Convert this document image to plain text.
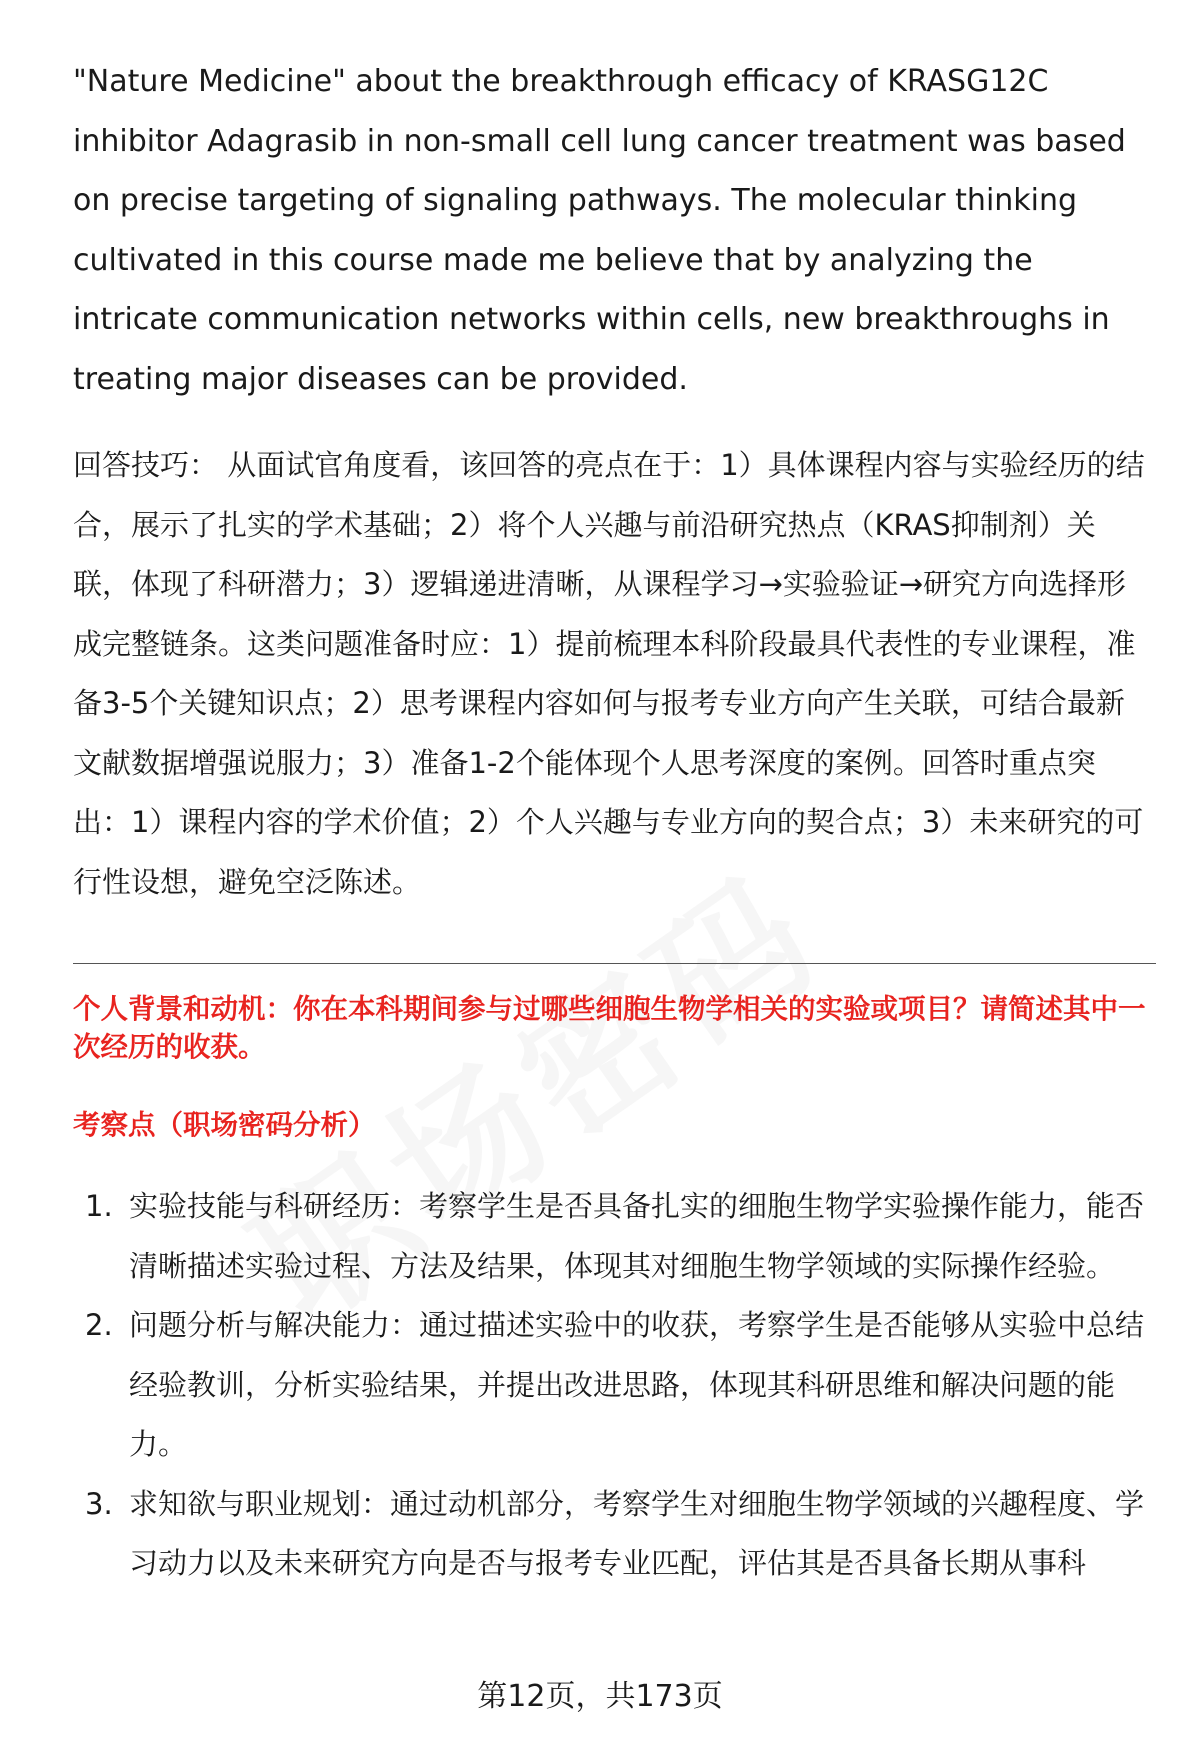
"Nature Medicine" about the breakthrough efficacy of KRASG12C inhibitor Adagrasib in non-small cell lung cancer treatment was based on precise targeting of signaling pathways. The molecular thinking cultivated in this course made me believe that by analyzing the intricate communication networks within cells, new breakthroughs in treating major diseases can be provided.

回答技巧： 从面试官角度看，该回答的亮点在于：1）具体课程内容与实验经历的结合，展示了扎实的学术基础；2）将个人兴趣与前沿研究热点（KRAS抑制剂）关联，体现了科研潜力；3）逻辑递进清晰，从课程学习→实验验证→研究方向选择形成完整链条。这类问题准备时应：1）提前梳理本科阶段最具代表性的专业课程，准备3-5个关键知识点；2）思考课程内容如何与报考专业方向产生关联，可结合最新文献数据增强说服力；3）准备1-2个能体现个人思考深度的案例。回答时重点突出：1）课程内容的学术价值；2）个人兴趣与专业方向的契合点；3）未来研究的可行性设想，避免空泛陈述。

个人背景和动机：你在本科期间参与过哪些细胞生物学相关的实验或项目？请简述其中一次经历的收获。

考察点（职场密码分析）

1. 实验技能与科研经历：考察学生是否具备扎实的细胞生物学实验操作能力，能否清晰描述实验过程、方法及结果，体现其对细胞生物学领域的实际操作经验。
2. 问题分析与解决能力：通过描述实验中的收获，考察学生是否能够从实验中总结经验教训，分析实验结果，并提出改进思路，体现其科研思维和解决问题的能力。
3. 求知欲与职业规划：通过动机部分，考察学生对细胞生物学领域的兴趣程度、学习动力以及未来研究方向是否与报考专业匹配，评估其是否具备长期从事科
第12页，共173页
